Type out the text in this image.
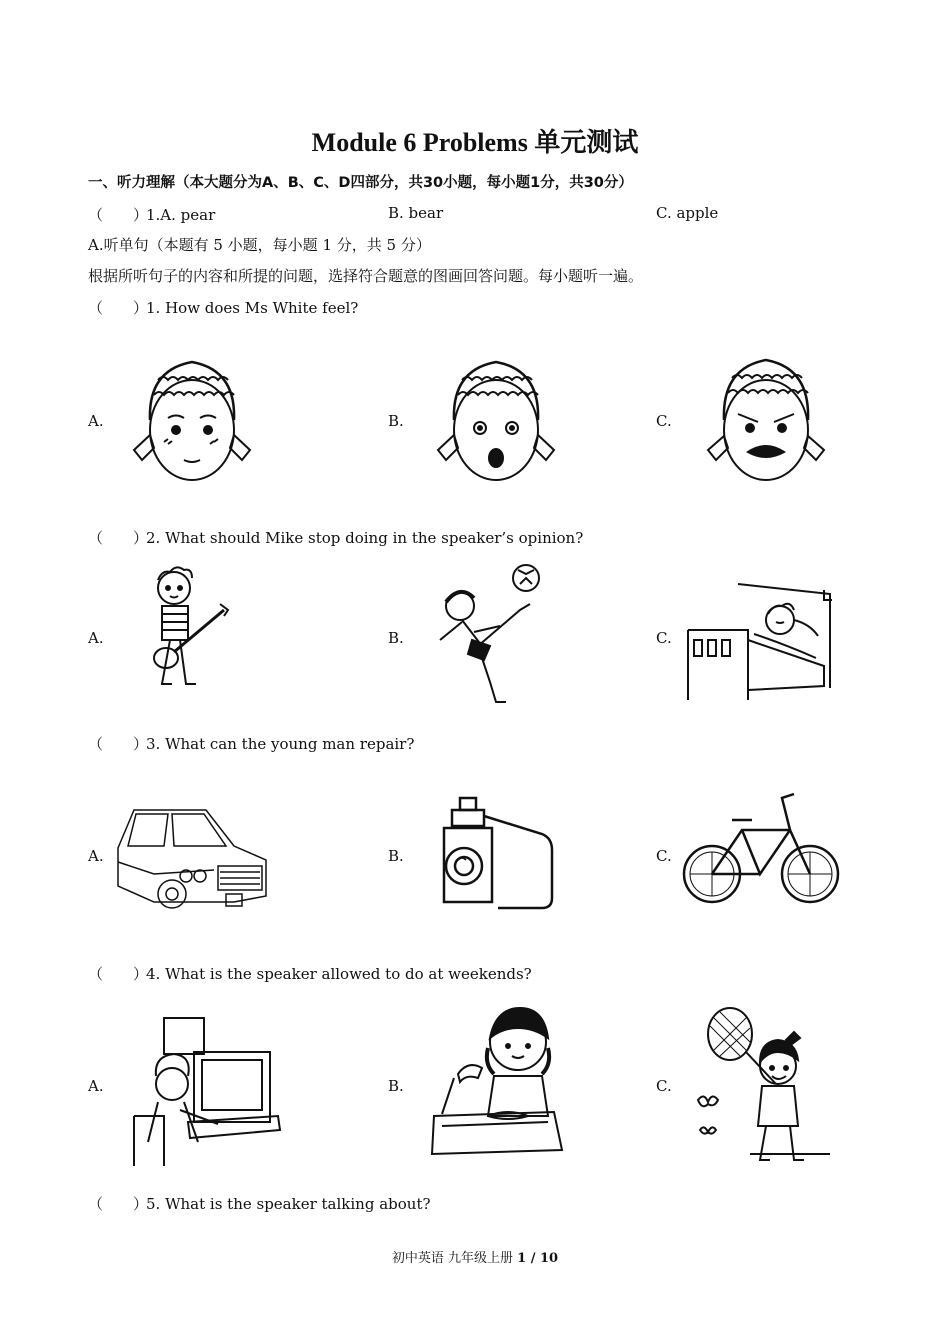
Module 6 Problems 单元测试
一、听力理解（本大题分为A、B、C、D四部分，共30小题，每小题1分，共30分）
（　　）1.A. pear	B. bear	C. apple
A.听单句（本题有 5 小题，每小题 1 分，共 5 分）
根据所听句子的内容和所提的问题，选择符合题意的图画回答问题。每小题听一遍。
（　　）1. How does Ms White feel?
A.	B.	C.
（　　）2. What should Mike stop doing in the speaker’s opinion?
A.	B.	C.
（　　）3. What can the young man repair?
A.	B.	C.
（　　）4. What is the speaker allowed to do at weekends?
A.	B.	C.
（　　）5. What is the speaker talking about?
初中英语 九年级上册 1 / 10
